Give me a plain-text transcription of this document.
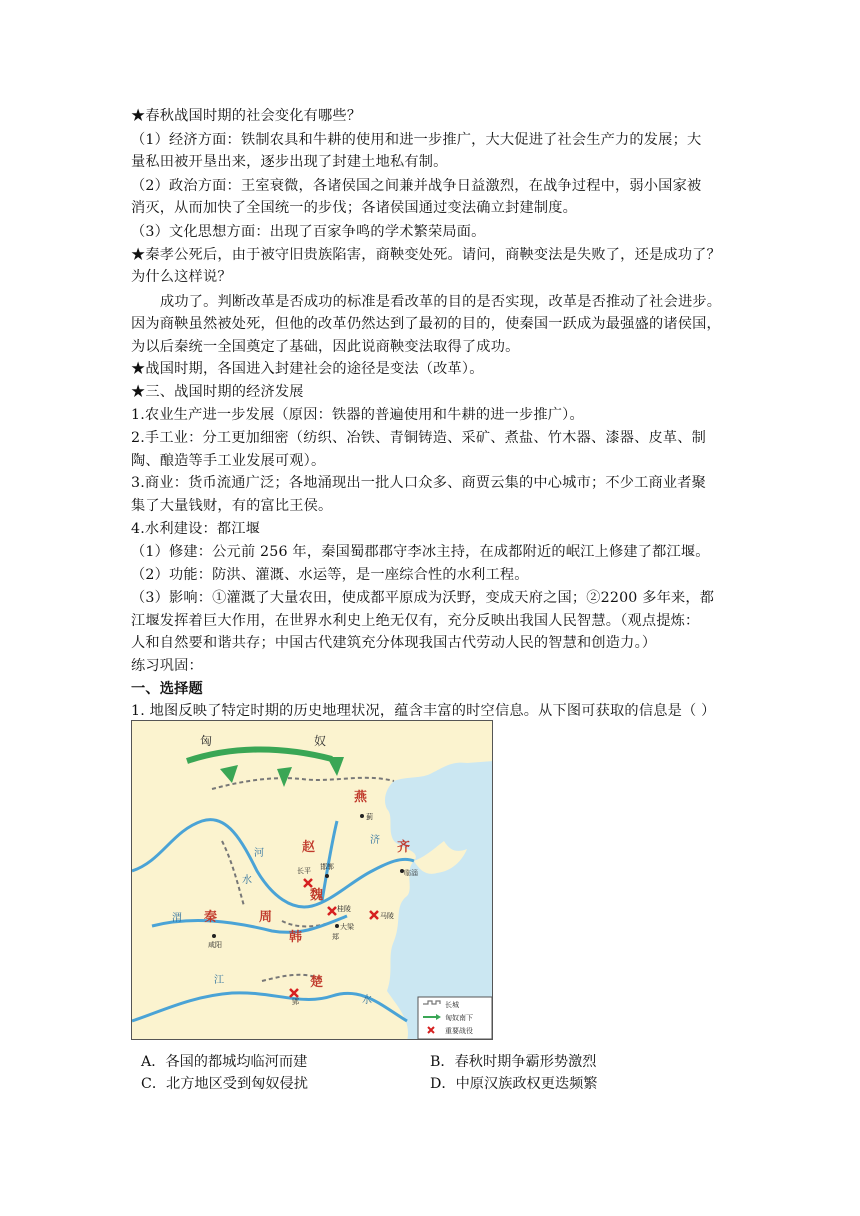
★春秋战国时期的社会变化有哪些？
（1）经济方面：铁制农具和牛耕的使用和进一步推广，大大促进了社会生产力的发展；大
量私田被开垦出来，逐步出现了封建土地私有制。
（2）政治方面：王室衰微，各诸侯国之间兼并战争日益激烈，在战争过程中，弱小国家被
消灭，从而加快了全国统一的步伐；各诸侯国通过变法确立封建制度。
（3）文化思想方面：出现了百家争鸣的学术繁荣局面。
★秦孝公死后，由于被守旧贵族陷害，商鞅变处死。请问，商鞅变法是失败了，还是成功了？
为什么这样说？
成功了。判断改革是否成功的标准是看改革的目的是否实现，改革是否推动了社会进步。
因为商鞅虽然被处死，但他的改革仍然达到了最初的目的，使秦国一跃成为最强盛的诸侯国，
为以后秦统一全国奠定了基础，因此说商鞅变法取得了成功。
★战国时期，各国进入封建社会的途径是变法（改革）。
★三、战国时期的经济发展
1.农业生产进一步发展（原因：铁器的普遍使用和牛耕的进一步推广）。
2.手工业：分工更加细密（纺织、冶铁、青铜铸造、采矿、煮盐、竹木器、漆器、皮革、制
陶、酿造等手工业发展可观）。
3.商业：货币流通广泛；各地涌现出一批人口众多、商贾云集的中心城市；不少工商业者聚
集了大量钱财，有的富比王侯。
4.水利建设：都江堰
（1）修建：公元前 256 年，秦国蜀郡郡守李冰主持，在成都附近的岷江上修建了都江堰。
（2）功能：防洪、灌溉、水运等，是一座综合性的水利工程。
（3）影响：①灌溉了大量农田，使成都平原成为沃野，变成天府之国；②2200 多年来，都
江堰发挥着巨大作用，在世界水利史上绝无仅有，充分反映出我国人民智慧。（观点提炼：
人和自然要和谐共存；中国古代建筑充分体现我国古代劳动人民的智慧和创造力。）
练习巩固：
一、选择题
1. 地图反映了特定时期的历史地理状况，蕴含丰富的时空信息。从下图可获取的信息是（ ）
匈	奴
燕
赵	齐
魏
秦	周
韩
楚
河
水
渭
江
水
济
蓟
邯郸
长平
桂陵
临淄
大梁
咸阳
马陵
郑
郢	长城
匈奴南下
重要战役
A．各国的都城均临河而建	B．春秋时期争霸形势激烈
C．北方地区受到匈奴侵扰	D．中原汉族政权更迭频繁
